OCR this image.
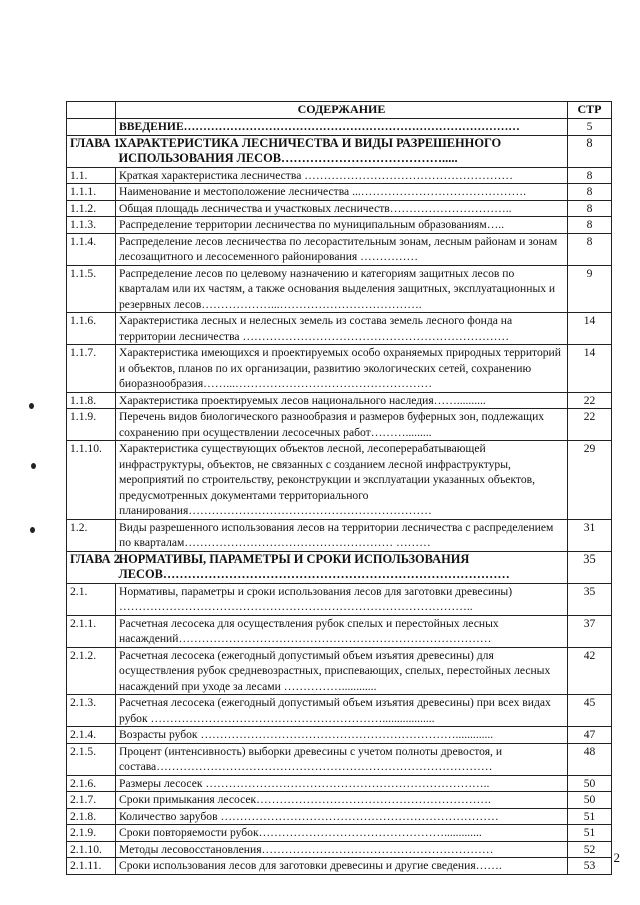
	СОДЕРЖАНИЕ	СТР
	ВВЕДЕНИЕ……………………………………………………………………………	5
ГЛАВА 1.	ХАРАКТЕРИСТИКА ЛЕСНИЧЕСТВА И ВИДЫ РАЗРЕШЕННОГО ИСПОЛЬЗОВАНИЯ ЛЕСОВ………………………………….....	8
1.1.	Краткая характеристика лесничества ………………………………………………	8
1.1.1.	Наименование и местоположение лесничества ...…………………………………….	8
1.1.2.	Общая площадь лесничества и участковых лесничеств…………………………..	8
1.1.3.	Распределение территории лесничества по муниципальным образованиям…..	8
1.1.4.	Распределение лесов лесничества по лесорастительным зонам, лесным районам и зонам лесозащитного и лесосеменного районирования ……………	8
1.1.5.	Распределение лесов по целевому назначению и категориям защитных лесов по кварталам или их частям, а также основания выделения защитных, эксплуатационных и резервных лесов………………...……………………………….	9
1.1.6.	Характеристика лесных и нелесных земель из состава земель лесного фонда на территории лесничества ……………………………………………………………	14
1.1.7.	Характеристика имеющихся и проектируемых особо охраняемых природных территорий и объектов, планов по их организации, развитию экологических сетей, сохранению биоразнообразия……...……………………………………………	14
1.1.8.	Характеристика проектируемых лесов национального наследия……..........	22
1.1.9.	Перечень видов биологического разнообразия и размеров буферных зон, подлежащих сохранению при осуществлении лесосечных работ……….........	22
1.1.10.	Характеристика существующих объектов лесной, лесоперерабатывающей инфраструктуры, объектов, не связанных с созданием лесной инфраструктуры, мероприятий по строительству, реконструкции и эксплуатации указанных объектов, предусмотренных документами территориального планирования………………………………………………………	29
1.2.	Виды разрешенного использования лесов на территории лесничества с распределением по кварталам……………………………………………… ………	31
ГЛАВА 2.	НОРМАТИВЫ, ПАРАМЕТРЫ И СРОКИ ИСПОЛЬЗОВАНИЯ ЛЕСОВ…………………………………………………………………………	35
2.1.	Нормативы, параметры и сроки использования лесов для заготовки древесины) ………………………………………………………………………………..	35
2.1.1.	Расчетная лесосека для осуществления рубок спелых и перестойных лесных насаждений………………………………………………………………………	37
2.1.2.	Расчетная лесосека (ежегодный допустимый объем изъятия древесины) для осуществления рубок средневозрастных, приспевающих, спелых, перестойных лесных насаждений при уходе за лесами ……………............	42
2.1.3.	Расчетная лесосека (ежегодный допустимый объем изъятия древесины) при всех видах рубок ……………………………………………………..................	45
2.1.4.	Возрасты рубок ………………………………………………………….............	47
2.1.5.	Процент (интенсивность) выборки древесины с учетом полноты древостоя, и состава……………………………………………………………………………	48
2.1.6.	Размеры лесосек ………………………………………………………………..	50
2.1.7.	Сроки примыкания лесосек…………………………………………………….	50
2.1.8.	Количество зарубов ………………………………………………………………	51
2.1.9.	Сроки повторяемости рубок………………………………………….............	51
2.1.10.	Методы лесовосстановления……………………………………………………	52
2.1.11.	Сроки использования лесов для заготовки древесины и другие сведения…….	53
2
